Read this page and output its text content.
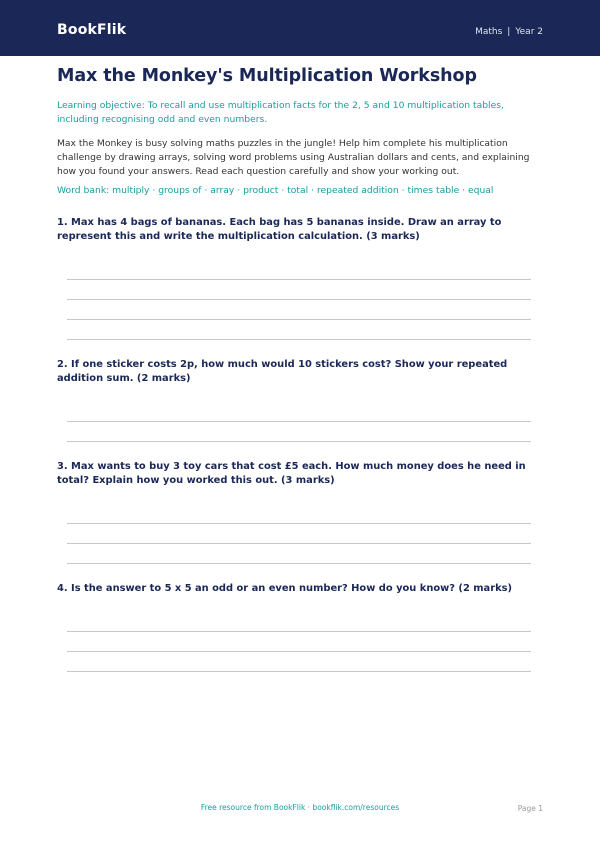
BookFlik	Maths | Year 2
Max the Monkey's Multiplication Workshop

Learning objective: To recall and use multiplication facts for the 2, 5 and 10 multiplication tables, including recognising odd and even numbers.

Max the Monkey is busy solving maths puzzles in the jungle! Help him complete his multiplication challenge by drawing arrays, solving word problems using Australian dollars and cents, and explaining how you found your answers. Read each question carefully and show your working out.

Word bank: multiply · groups of · array · product · total · repeated addition · times table · equal

1. Max has 4 bags of bananas. Each bag has 5 bananas inside. Draw an array to represent this and write the multiplication calculation. (3 marks)

2. If one sticker costs 2p, how much would 10 stickers cost? Show your repeated addition sum. (2 marks)

3. Max wants to buy 3 toy cars that cost £5 each. How much money does he need in total? Explain how you worked this out. (3 marks)

4. Is the answer to 5 x 5 an odd or an even number? How do you know? (2 marks)

Free resource from BookFlik · bookflik.com/resources	Page 1
